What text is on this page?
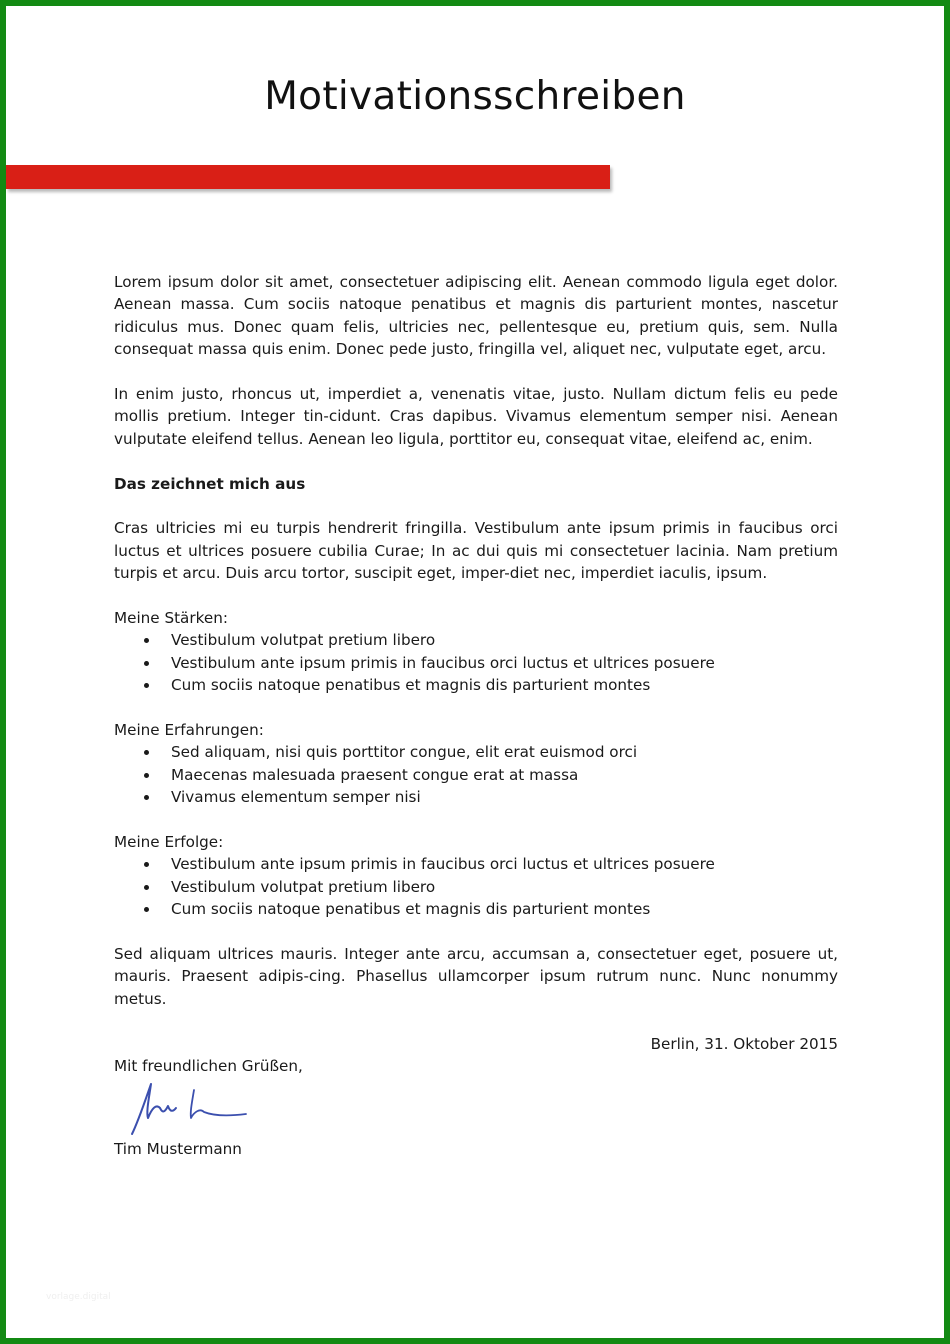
Motivationsschreiben

Lorem ipsum dolor sit amet, consectetuer adipiscing elit. Aenean commodo ligula eget dolor. Aenean massa. Cum sociis natoque penatibus et magnis dis parturient montes, nascetur ridiculus mus. Donec quam felis, ultricies nec, pellentesque eu, pretium quis, sem. Nulla consequat massa quis enim. Donec pede justo, fringilla vel, aliquet nec, vulputate eget, arcu.

In enim justo, rhoncus ut, imperdiet a, venenatis vitae, justo. Nullam dictum felis eu pede mollis pretium. Integer tin-cidunt. Cras dapibus. Vivamus elementum semper nisi. Aenean vulputate eleifend tellus. Aenean leo ligula, porttitor eu, consequat vitae, eleifend ac, enim.

Das zeichnet mich aus

Cras ultricies mi eu turpis hendrerit fringilla. Vestibulum ante ipsum primis in faucibus orci luctus et ultrices posuere cubilia Curae; In ac dui quis mi consectetuer lacinia. Nam pretium turpis et arcu. Duis arcu tortor, suscipit eget, imper-diet nec, imperdiet iaculis, ipsum.

Meine Stärken:
Vestibulum volutpat pretium libero
Vestibulum ante ipsum primis in faucibus orci luctus et ultrices posuere
Cum sociis natoque penatibus et magnis dis parturient montes
Meine Erfahrungen:
Sed aliquam, nisi quis porttitor congue, elit erat euismod orci
Maecenas malesuada praesent congue erat at massa
Vivamus elementum semper nisi
Meine Erfolge:
Vestibulum ante ipsum primis in faucibus orci luctus et ultrices posuere
Vestibulum volutpat pretium libero
Cum sociis natoque penatibus et magnis dis parturient montes

Sed aliquam ultrices mauris. Integer ante arcu, accumsan a, consectetuer eget, posuere ut, mauris. Praesent adipis-cing. Phasellus ullamcorper ipsum rutrum nunc. Nunc nonummy metus.

Berlin, 31. Oktober 2015
Mit freundlichen Grüßen,
Tim Mustermann
vorlage.digital
